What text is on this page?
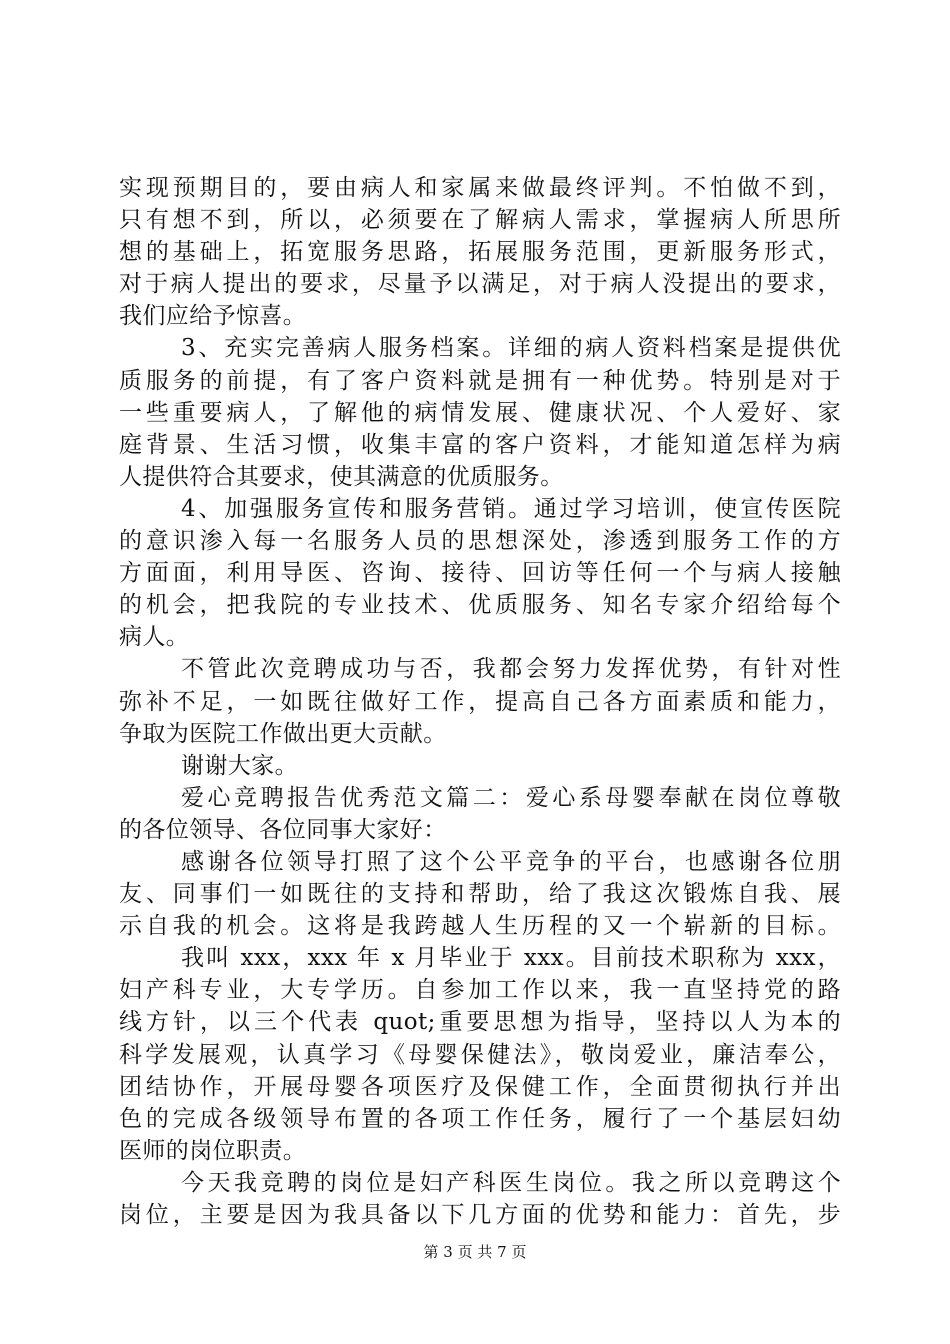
实现预期目的，要由病人和家属来做最终评判。不怕做不到，
只有想不到，所以，必须要在了解病人需求，掌握病人所思所
想的基础上，拓宽服务思路，拓展服务范围，更新服务形式，
对于病人提出的要求，尽量予以满足，对于病人没提出的要求，
我们应给予惊喜。
3、充实完善病人服务档案。详细的病人资料档案是提供优
质服务的前提，有了客户资料就是拥有一种优势。特别是对于
一些重要病人，了解他的病情发展、健康状况、个人爱好、家
庭背景、生活习惯，收集丰富的客户资料，才能知道怎样为病
人提供符合其要求，使其满意的优质服务。
4、加强服务宣传和服务营销。通过学习培训，使宣传医院
的意识渗入每一名服务人员的思想深处，渗透到服务工作的方
方面面，利用导医、咨询、接待、回访等任何一个与病人接触
的机会，把我院的专业技术、优质服务、知名专家介绍给每个
病人。
不管此次竞聘成功与否，我都会努力发挥优势，有针对性
弥补不足，一如既往做好工作，提高自己各方面素质和能力，
争取为医院工作做出更大贡献。
谢谢大家。
爱心竞聘报告优秀范文篇二：爱心系母婴奉献在岗位尊敬
的各位领导、各位同事大家好：
感谢各位领导打照了这个公平竞争的平台，也感谢各位朋
友、同事们一如既往的支持和帮助，给了我这次锻炼自我、展
示自我的机会。这将是我跨越人生历程的又一个崭新的目标。
我叫 xxx，xxx 年 x 月毕业于 xxx。目前技术职称为 xxx，
妇产科专业，大专学历。自参加工作以来，我一直坚持党的路
线方针，以三个代表 quot;重要思想为指导，坚持以人为本的
科学发展观，认真学习《母婴保健法》，敬岗爱业，廉洁奉公，
团结协作，开展母婴各项医疗及保健工作，全面贯彻执行并出
色的完成各级领导布置的各项工作任务，履行了一个基层妇幼
医师的岗位职责。
今天我竞聘的岗位是妇产科医生岗位。我之所以竞聘这个
岗位，主要是因为我具备以下几方面的优势和能力：首先，步
第 3 页 共 7 页
